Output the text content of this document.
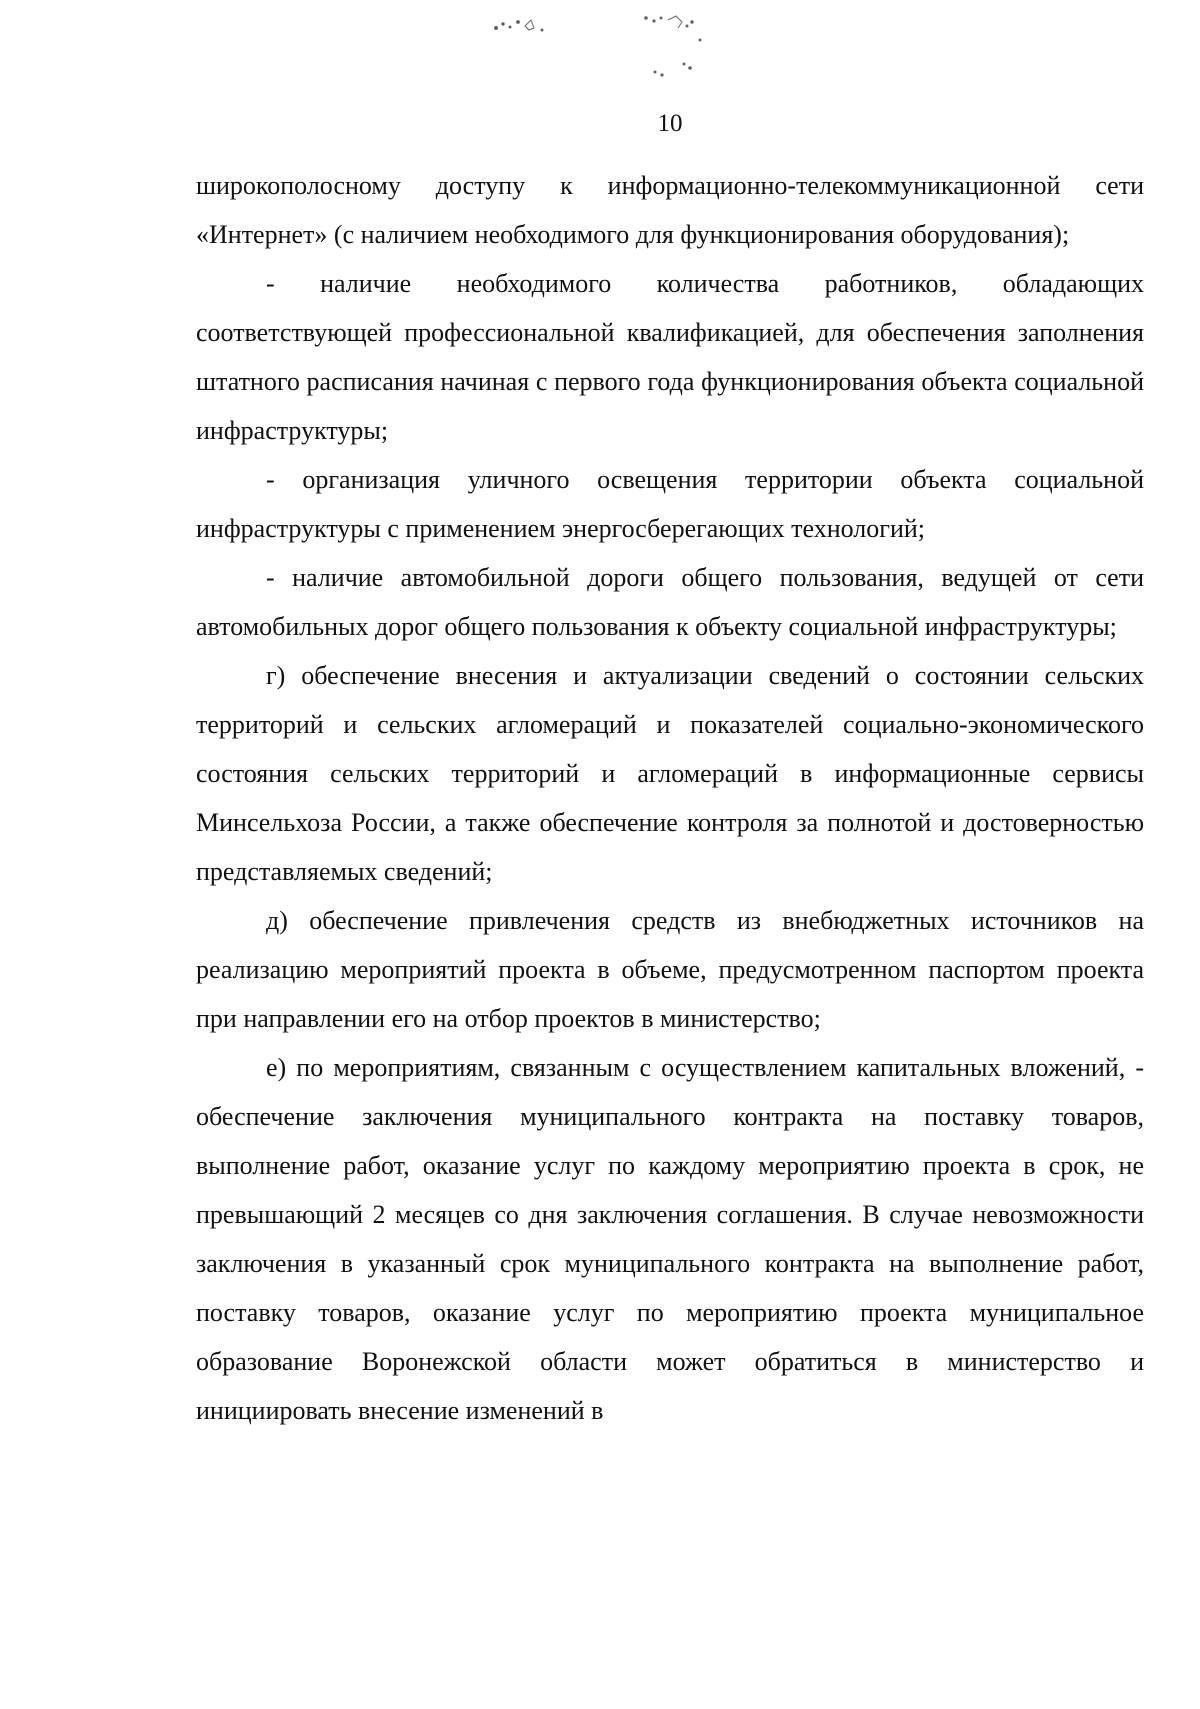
10

широкополосному доступу к информационно-телекоммуникационной сети «Интернет» (с наличием необходимого для функционирования оборудования);

- наличие необходимого количества работников, обладающих соответствующей профессиональной квалификацией, для обеспечения заполнения штатного расписания начиная с первого года функционирования объекта социальной инфраструктуры;

- организация уличного освещения территории объекта социальной инфраструктуры с применением энергосберегающих технологий;

- наличие автомобильной дороги общего пользования, ведущей от сети автомобильных дорог общего пользования к объекту социальной инфраструктуры;

г) обеспечение внесения и актуализации сведений о состоянии сельских территорий и сельских агломераций и показателей социально-экономического состояния сельских территорий и агломераций в информационные сервисы Минсельхоза России, а также обеспечение контроля за полнотой и достоверностью представляемых сведений;

д) обеспечение привлечения средств из внебюджетных источников на реализацию мероприятий проекта в объеме, предусмотренном паспортом проекта при направлении его на отбор проектов в министерство;

е) по мероприятиям, связанным с осуществлением капитальных вложений, - обеспечение заключения муниципального контракта на поставку товаров, выполнение работ, оказание услуг по каждому мероприятию проекта в срок, не превышающий 2 месяцев со дня заключения соглашения. В случае невозможности заключения в указанный срок муниципального контракта на выполнение работ, поставку товаров, оказание услуг по мероприятию проекта муниципальное образование Воронежской области может обратиться в министерство и инициировать внесение изменений в
